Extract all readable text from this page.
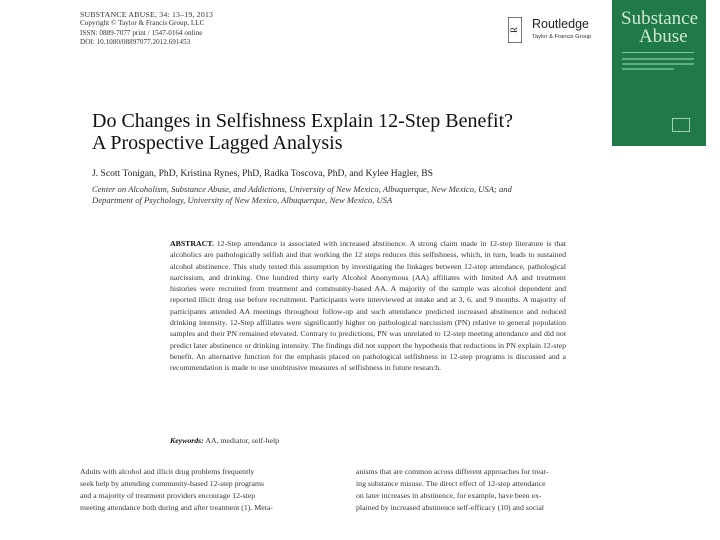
SUBSTANCE ABUSE, 34: 13–19, 2013
Copyright © Taylor & Francis Group, LLC
ISSN: 0889-7077 print / 1547-0164 online
DOI: 10.1080/08897077.2012.691453
R Routledge
Taylor & Francis Group
Substance
Abuse
Do Changes in Selfishness Explain 12-Step Benefit?
A Prospective Lagged Analysis
J. Scott Tonigan, PhD, Kristina Rynes, PhD, Radka Toscova, PhD, and Kylee Hagler, BS
Center on Alcoholism, Substance Abuse, and Addictions, University of New Mexico, Albuquerque, New Mexico, USA; and
Department of Psychology, University of New Mexico, Albuquerque, New Mexico, USA
ABSTRACT. 12-Step attendance is associated with increased abstinence. A strong claim made in 12-step literature is that alcoholics are pathologically selfish and that working the 12 steps reduces this selfishness, which, in turn, leads to sustained alcohol abstinence. This study tested this assumption by investigating the linkages between 12-step attendance, pathological narcissism, and drinking. One hundred thirty early Alcohol Anonymous (AA) affiliates with limited AA and treatment histories were recruited from treatment and community-based AA. A majority of the sample was alcohol dependent and reported illicit drug use before recruitment. Participants were interviewed at intake and at 3, 6, and 9 months. A majority of participants attended AA meetings throughout follow-up and such attendance predicted increased abstinence and reduced drinking intensity. 12-Step affiliates were significantly higher on pathological narcissism (PN) relative to general population samples and their PN remained elevated. Contrary to predictions, PN was unrelated to 12-step meeting attendance and did not predict later abstinence or drinking intensity. The findings did not support the hypothesis that reductions in PN explain 12-step benefit. An alternative function for the emphasis placed on pathological selfishness in 12-step programs is discussed and a recommendation is made to use unobtrusive measures of selfishness in future research.
Keywords: AA, mediator, self-help
Adults with alcohol and illicit drug problems frequently
seek help by attending community-based 12-step programs
and a majority of treatment providers encourage 12-step
meeting attendance both during and after treatment (1). Meta-
anisms that are common across different approaches for treat-
ing substance misuse. The direct effect of 12-step attendance
on later increases in abstinence, for example, have been ex-
plained by increased abstinence self-efficacy (10) and social
